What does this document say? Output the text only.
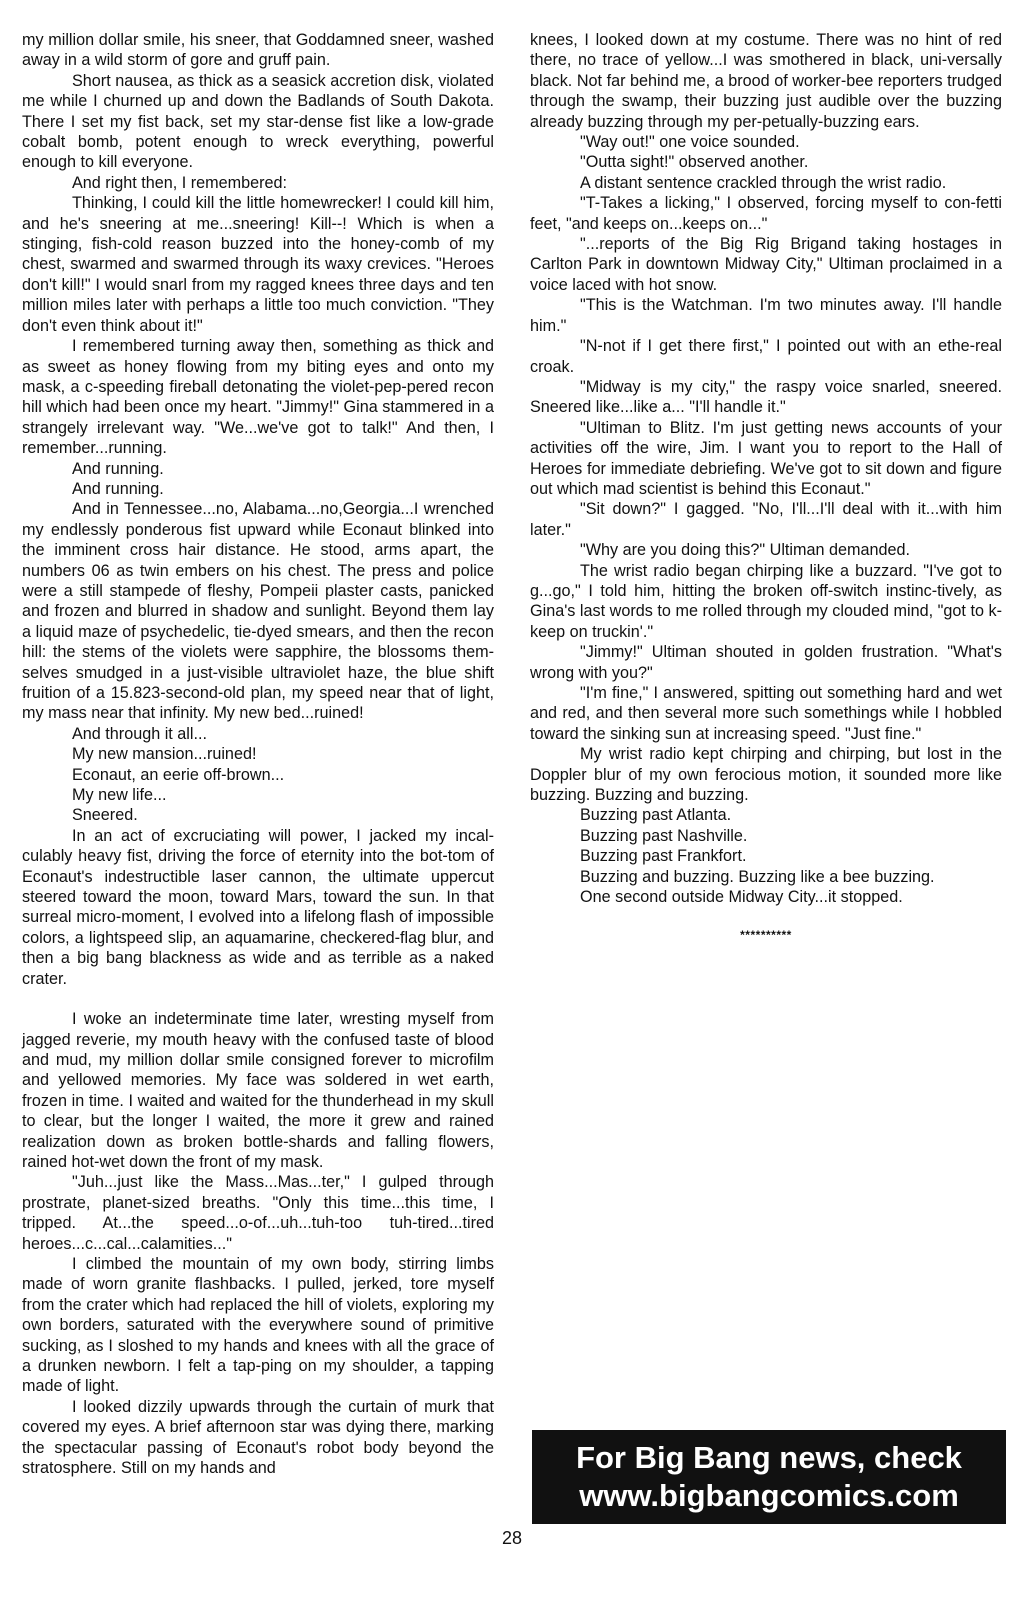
my million dollar smile, his sneer, that Goddamned sneer, washed away in a wild storm of gore and gruff pain.

Short nausea, as thick as a seasick accretion disk, violated me while I churned up and down the Badlands of South Dakota. There I set my fist back, set my star-dense fist like a low-grade cobalt bomb, potent enough to wreck everything, powerful enough to kill everyone.

And right then, I remembered:

Thinking, I could kill the little homewrecker! I could kill him, and he's sneering at me...sneering! Kill--! Which is when a stinging, fish-cold reason buzzed into the honey-comb of my chest, swarmed and swarmed through its waxy crevices. "Heroes don't kill!" I would snarl from my ragged knees three days and ten million miles later with perhaps a little too much conviction. "They don't even think about it!"

I remembered turning away then, something as thick and as sweet as honey flowing from my biting eyes and onto my mask, a c-speeding fireball detonating the violet-pep-pered recon hill which had been once my heart. "Jimmy!" Gina stammered in a strangely irrelevant way. "We...we've got to talk!" And then, I remember...running.

And running.

And running.

And in Tennessee...no, Alabama...no,Georgia...I wrenched my endlessly ponderous fist upward while Econaut blinked into the imminent cross hair distance. He stood, arms apart, the numbers 06 as twin embers on his chest. The press and police were a still stampede of fleshy, Pompeii plaster casts, panicked and frozen and blurred in shadow and sunlight. Beyond them lay a liquid maze of psychedelic, tie-dyed smears, and then the recon hill: the stems of the violets were sapphire, the blossoms them-selves smudged in a just-visible ultraviolet haze, the blue shift fruition of a 15.823-second-old plan, my speed near that of light, my mass near that infinity. My new bed...ruined!

And through it all...

My new mansion...ruined!

Econaut, an eerie off-brown...

My new life...

Sneered.

In an act of excruciating will power, I jacked my incal-culably heavy fist, driving the force of eternity into the bot-tom of Econaut's indestructible laser cannon, the ultimate uppercut steered toward the moon, toward Mars, toward the sun. In that surreal micro-moment, I evolved into a lifelong flash of impossible colors, a lightspeed slip, an aquamarine, checkered-flag blur, and then a big bang blackness as wide and as terrible as a naked crater.

I woke an indeterminate time later, wresting myself from jagged reverie, my mouth heavy with the confused taste of blood and mud, my million dollar smile consigned forever to microfilm and yellowed memories. My face was soldered in wet earth, frozen in time. I waited and waited for the thunderhead in my skull to clear, but the longer I waited, the more it grew and rained realization down as broken bottle-shards and falling flowers, rained hot-wet down the front of my mask.

"Juh...just like the Mass...Mas...ter," I gulped through prostrate, planet-sized breaths. "Only this time...this time, I tripped. At...the speed...o-of...uh...tuh-too tuh-tired...tired heroes...c...cal...calamities..."

I climbed the mountain of my own body, stirring limbs made of worn granite flashbacks. I pulled, jerked, tore myself from the crater which had replaced the hill of violets, exploring my own borders, saturated with the everywhere sound of primitive sucking, as I sloshed to my hands and knees with all the grace of a drunken newborn. I felt a tap-ping on my shoulder, a tapping made of light.

I looked dizzily upwards through the curtain of murk that covered my eyes. A brief afternoon star was dying there, marking the spectacular passing of Econaut's robot body beyond the stratosphere. Still on my hands and

knees, I looked down at my costume. There was no hint of red there, no trace of yellow...I was smothered in black, uni-versally black. Not far behind me, a brood of worker-bee reporters trudged through the swamp, their buzzing just audible over the buzzing already buzzing through my per-petually-buzzing ears.

"Way out!" one voice sounded.

"Outta sight!" observed another.

A distant sentence crackled through the wrist radio.

"T-Takes a licking," I observed, forcing myself to con-fetti feet, "and keeps on...keeps on..."

"...reports of the Big Rig Brigand taking hostages in Carlton Park in downtown Midway City," Ultiman proclaimed in a voice laced with hot snow.

"This is the Watchman. I'm two minutes away. I'll handle him."

"N-not if I get there first," I pointed out with an ethe-real croak.

"Midway is my city," the raspy voice snarled, sneered. Sneered like...like a... "I'll handle it."

"Ultiman to Blitz. I'm just getting news accounts of your activities off the wire, Jim. I want you to report to the Hall of Heroes for immediate debriefing. We've got to sit down and figure out which mad scientist is behind this Econaut."

"Sit down?" I gagged. "No, I'll...I'll deal with it...with him later."

"Why are you doing this?" Ultiman demanded.

The wrist radio began chirping like a buzzard. "I've got to g...go," I told him, hitting the broken off-switch instinc-tively, as Gina's last words to me rolled through my clouded mind, "got to k-keep on truckin'."

"Jimmy!" Ultiman shouted in golden frustration. "What's wrong with you?"

"I'm fine," I answered, spitting out something hard and wet and red, and then several more such somethings while I hobbled toward the sinking sun at increasing speed. "Just fine."

My wrist radio kept chirping and chirping, but lost in the Doppler blur of my own ferocious motion, it sounded more like buzzing. Buzzing and buzzing.

Buzzing past Atlanta.

Buzzing past Nashville.

Buzzing past Frankfort.

Buzzing and buzzing. Buzzing like a bee buzzing.

One second outside Midway City...it stopped.

**********

For Big Bang news, check
www.bigbangcomics.com
28
